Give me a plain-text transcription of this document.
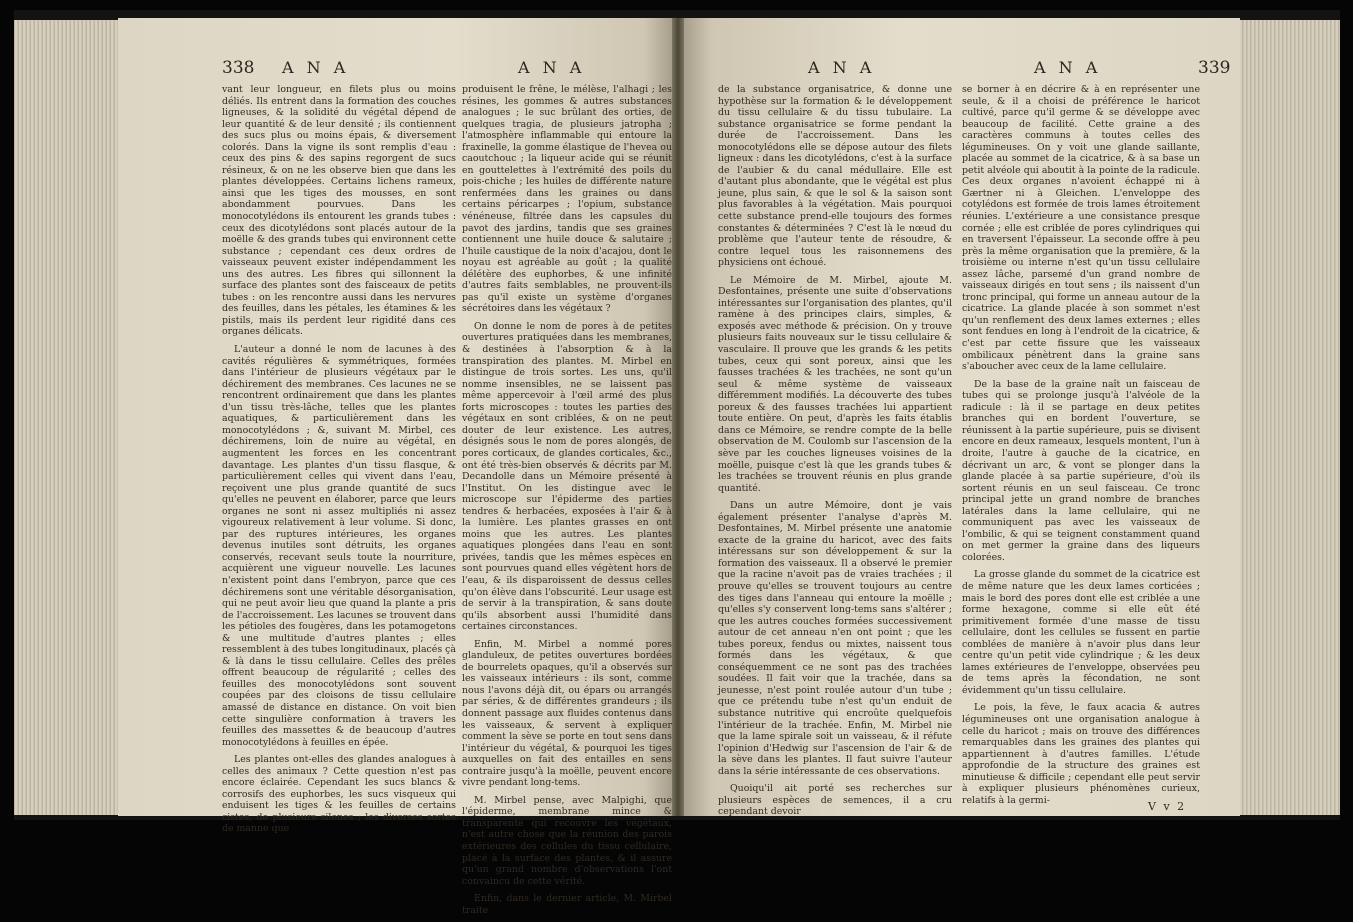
338 A N A	A N A

vant leur longueur, en filets plus ou moins déliés. Ils entrent dans la formation des couches ligneuses, & la solidité du végétal dépend de leur quantité & de leur densité ; ils contiennent des sucs plus ou moins épais, & diversement colorés. Dans la vigne ils sont remplis d'eau : ceux des pins & des sapins regorgent de sucs résineux, & on ne les observe bien que dans les plantes développées. Certains lichens rameux, ainsi que les tiges des mousses, en sont abondamment pourvues. Dans les monocotylédons ils entourent les grands tubes : ceux des dicotylédons sont placés autour de la moëlle & des grands tubes qui environnent cette substance ; cependant ces deux ordres de vaisseaux peuvent exister indépendamment les uns des autres. Les fibres qui sillonnent la surface des plantes sont des faisceaux de petits tubes : on les rencontre aussi dans les nervures des feuilles, dans les pétales, les étamines & les pistils, mais ils perdent leur rigidité dans ces organes délicats.

L'auteur a donné le nom de lacunes à des cavités régulières & symmétriques, formées dans l'intérieur de plusieurs végétaux par le déchirement des membranes. Ces lacunes ne se rencontrent ordinairement que dans les plantes d'un tissu très-lâche, telles que les plantes aquatiques, & particulièrement dans les monocotylédons ; &, suivant M. Mirbel, ces déchiremens, loin de nuire au végétal, en augmentent les forces en les concentrant davantage. Les plantes d'un tissu flasque, & particulièrement celles qui vivent dans l'eau, reçoivent une plus grande quantité de sucs qu'elles ne peuvent en élaborer, parce que leurs organes ne sont ni assez multipliés ni assez vigoureux relativement à leur volume. Si donc, par des ruptures intérieures, les organes devenus inutiles sont détruits, les organes conservés, recevant seuls toute la nourriture, acquièrent une vigueur nouvelle. Les lacunes n'existent point dans l'embryon, parce que ces déchiremens sont une véritable désorganisation, qui ne peut avoir lieu que quand la plante a pris de l'accroissement. Les lacunes se trouvent dans les pétioles des fougères, dans les potamogetons & une multitude d'autres plantes ; elles ressemblent à des tubes longitudinaux, placés çà & là dans le tissu cellulaire. Celles des prêles offrent beaucoup de régularité ; celles des feuilles des monocotylédons sont souvent coupées par des cloisons de tissu cellulaire amassé de distance en distance. On voit bien cette singulière conformation à travers les feuilles des massettes & de beaucoup d'autres monocotylédons à feuilles en épée.

Les plantes ont-elles des glandes analogues à celles des animaux ? Cette question n'est pas encore éclairée. Cependant les sucs blancs & corrosifs des euphorbes, les sucs visqueux qui enduisent les tiges & les feuilles de certains cistes, de plusieurs silenes ; les diverses sortes de manne que

produisent le frêne, le mélèse, l'alhagi ; les résines, les gommes & autres substances analogues ; le suc brûlant des orties, de quelques tragia, de plusieurs jatropha ; l'atmosphère inflammable qui entoure la fraxinelle, la gomme élastique de l'hevea ou caoutchouc ; la liqueur acide qui se réunit en gouttelettes à l'extrémité des poils du pois-chiche ; les huiles de différente nature renfermées dans les graines ou dans certains péricarpes ; l'opium, substance vénéneuse, filtrée dans les capsules du pavot des jardins, tandis que ses graines contiennent une huile douce & salutaire ; l'huile caustique de la noix d'acajou, dont le noyau est agréable au goût ; la qualité délétère des euphorbes, & une infinité d'autres faits semblables, ne prouvent-ils pas qu'il existe un système d'organes sécrétoires dans les végétaux ?

On donne le nom de pores à de petites ouvertures pratiquées dans les membranes, & destinées à l'absorption & à la transpiration des plantes. M. Mirbel en distingue de trois sortes. Les uns, qu'il nomme insensibles, ne se laissent pas même appercevoir à l'œil armé des plus forts microscopes : toutes les parties des végétaux en sont criblées, & on ne peut douter de leur existence. Les autres, désignés sous le nom de pores alongés, de pores corticaux, de glandes corticales, &c., ont été très-bien observés & décrits par M. Decandolle dans un Mémoire présenté à l'Institut. On les distingue avec le microscope sur l'épiderme des parties tendres & herbacées, exposées à l'air & à la lumière. Les plantes grasses en ont moins que les autres. Les plantes aquatiques plongées dans l'eau en sont privées, tandis que les mêmes espèces en sont pourvues quand elles végètent hors de l'eau, & ils disparoissent de dessus celles qu'on élève dans l'obscurité. Leur usage est de servir à la transpiration, & sans doute qu'ils absorbent aussi l'humidité dans certaines circonstances.

Enfin, M. Mirbel a nommé pores glanduleux, de petites ouvertures bordées de bourrelets opaques, qu'il a observés sur les vaisseaux intérieurs : ils sont, comme nous l'avons déjà dit, ou épars ou arrangés par séries, & de différentes grandeurs ; ils donnent passage aux fluides contenus dans les vaisseaux, & servent à expliquer comment la sève se porte en tout sens dans l'intérieur du végétal, & pourquoi les tiges auxquelles on fait des entailles en sens contraire jusqu'à la moëlle, peuvent encore vivre pendant long-tems.

M. Mirbel pense, avec Malpighi, que l'épiderme, membrane mince & transparente qui recouvre les végétaux, n'est autre chose que la réunion des parois extérieures des cellules du tissu cellulaire, placé à la surface des plantes, & il assure qu'un grand nombre d'observations l'ont convaincu de cette vérité.

Enfin, dans le dernier article, M. Mirbel traite

A N A	A N A	339

de la substance organisatrice, & donne une hypothèse sur la formation & le développement du tissu cellulaire & du tissu tubulaire. La substance organisatrice se forme pendant la durée de l'accroissement. Dans les monocotylédons elle se dépose autour des filets ligneux : dans les dicotylédons, c'est à la surface de l'aubier & du canal médullaire. Elle est d'autant plus abondante, que le végétal est plus jeune, plus sain, & que le sol & la saison sont plus favorables à la végétation. Mais pourquoi cette substance prend-elle toujours des formes constantes & déterminées ? C'est là le nœud du problème que l'auteur tente de résoudre, & contre lequel tous les raisonnemens des physiciens ont échoué.

Le Mémoire de M. Mirbel, ajoute M. Desfontaines, présente une suite d'observations intéressantes sur l'organisation des plantes, qu'il ramène à des principes clairs, simples, & exposés avec méthode & précision. On y trouve plusieurs faits nouveaux sur le tissu cellulaire & vasculaire. Il prouve que les grands & les petits tubes, ceux qui sont poreux, ainsi que les fausses trachées & les trachées, ne sont qu'un seul & même système de vaisseaux différemment modifiés. La découverte des tubes poreux & des fausses trachées lui appartient toute entière. On peut, d'après les faits établis dans ce Mémoire, se rendre compte de la belle observation de M. Coulomb sur l'ascension de la sève par les couches ligneuses voisines de la moëlle, puisque c'est là que les grands tubes & les trachées se trouvent réunis en plus grande quantité.

Dans un autre Mémoire, dont je vais également présenter l'analyse d'après M. Desfontaines, M. Mirbel présente une anatomie exacte de la graine du haricot, avec des faits intéressans sur son développement & sur la formation des vaisseaux. Il a observé le premier que la racine n'avoit pas de vraies trachées ; il prouve qu'elles se trouvent toujours au centre des tiges dans l'anneau qui entoure la moëlle ; qu'elles s'y conservent long-tems sans s'altérer ; que les autres couches formées successivement autour de cet anneau n'en ont point ; que les tubes poreux, fendus ou mixtes, naissent tous formés dans les végétaux, & que conséquemment ce ne sont pas des trachées soudées. Il fait voir que la trachée, dans sa jeunesse, n'est point roulée autour d'un tube ; que ce prétendu tube n'est qu'un enduit de substance nutritive qui encroûte quelquefois l'intérieur de la trachée. Enfin, M. Mirbel nie que la lame spirale soit un vaisseau, & il réfute l'opinion d'Hedwig sur l'ascension de l'air & de la sève dans les plantes. Il faut suivre l'auteur dans la série intéressante de ces observations.

Quoiqu'il ait porté ses recherches sur plusieurs espèces de semences, il a cru cependant devoir

se borner à en décrire & à en représenter une seule, & il a choisi de préférence le haricot cultivé, parce qu'il germe & se développe avec beaucoup de facilité. Cette graine a des caractères communs à toutes celles des légumineuses. On y voit une glande saillante, placée au sommet de la cicatrice, & à sa base un petit alvéole qui aboutit à la pointe de la radicule. Ces deux organes n'avoient échappé ni à Gærtner ni à Gleichen. L'enveloppe des cotylédons est formée de trois lames étroitement réunies. L'extérieure a une consistance presque cornée ; elle est criblée de pores cylindriques qui en traversent l'épaisseur. La seconde offre à peu près la même organisation que la première, & la troisième ou interne n'est qu'un tissu cellulaire assez lâche, parsemé d'un grand nombre de vaisseaux dirigés en tout sens ; ils naissent d'un tronc principal, qui forme un anneau autour de la cicatrice. La glande placée à son sommet n'est qu'un renflement des deux lames externes ; elles sont fendues en long à l'endroit de la cicatrice, & c'est par cette fissure que les vaisseaux ombilicaux pénètrent dans la graine sans s'aboucher avec ceux de la lame cellulaire.

De la base de la graine naît un faisceau de tubes qui se prolonge jusqu'à l'alvéole de la radicule : là il se partage en deux petites branches qui en bordent l'ouverture, se réunissent à la partie supérieure, puis se divisent encore en deux rameaux, lesquels montent, l'un à droite, l'autre à gauche de la cicatrice, en décrivant un arc, & vont se plonger dans la glande placée à sa partie supérieure, d'où ils sortent réunis en un seul faisceau. Ce tronc principal jette un grand nombre de branches latérales dans la lame cellulaire, qui ne communiquent pas avec les vaisseaux de l'ombilic, & qui se teignent constamment quand on met germer la graine dans des liqueurs colorées.

La grosse glande du sommet de la cicatrice est de même nature que les deux lames corticées ; mais le bord des pores dont elle est criblée a une forme hexagone, comme si elle eût été primitivement formée d'une masse de tissu cellulaire, dont les cellules se fussent en partie comblées de manière à n'avoir plus dans leur centre qu'un petit vide cylindrique ; & les deux lames extérieures de l'enveloppe, observées peu de tems après la fécondation, ne sont évidemment qu'un tissu cellulaire.

Le pois, la fève, le faux acacia & autres légumineuses ont une organisation analogue à celle du haricot ; mais on trouve des différences remarquables dans les graines des plantes qui appartiennent à d'autres familles. L'étude approfondie de la structure des graines est minutieuse & difficile ; cependant elle peut servir à expliquer plusieurs phénomènes curieux, relatifs à la germi-	V v 2
